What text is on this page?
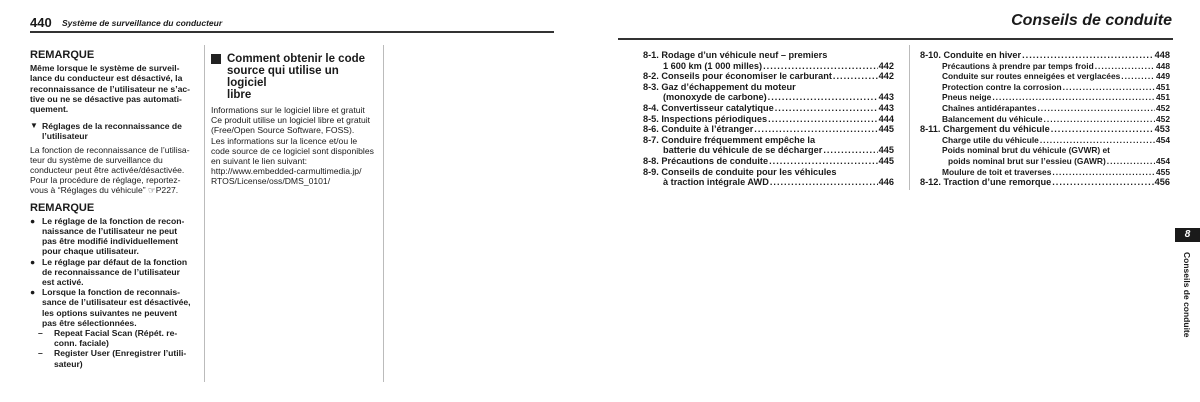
440 Système de surveillance du conducteur
REMARQUE

Même lorsque le système de surveil-

lance du conducteur est désactivé, la

reconnaissance de l’utilisateur ne s’ac-

tive ou ne se désactive pas automati-

quement.

▼ Réglages de la reconnaissance de

l’utilisateur

La fonction de reconnaissance de l’utilisa-

teur du système de surveillance du

conducteur peut être activée/désactivée.

Pour la procédure de réglage, reportez-

vous à “Réglages du véhicule” ☞P227.

REMARQUE
● Le réglage de la fonction de recon-

naissance de l’utilisateur ne peut

pas être modifié individuellement

pour chaque utilisateur.

● Le réglage par défaut de la fonction

de reconnaissance de l’utilisateur

est activé.

● Lorsque la fonction de reconnais-

sance de l’utilisateur est désactivée,

les options suivantes ne peuvent

pas être sélectionnées.

–	Repeat Facial Scan (Répét. re-

conn. faciale)

–	Register User (Enregistrer l’utili-

sateur)

Comment obtenir le code

source qui utilise un logiciel

libre

Informations sur le logiciel libre et gratuit

Ce produit utilise un logiciel libre et gratuit

(Free/Open Source Software, FOSS).

Les informations sur la licence et/ou le

code source de ce logiciel sont disponibles

en suivant le lien suivant:

http://www.embedded-carmultimedia.jp/

RTOS/License/oss/DMS_0101/

Conseils de conduite
8-1. Rodage d’un véhicule neuf – premiers
1 600 km (1 000 milles) .....	442
8-2. Conseils pour économiser le carburant .....	442
8-3. Gaz d’échappement du moteur
(monoxyde de carbone) .....	443
8-4. Convertisseur catalytique .....	443
8-5. Inspections périodiques .....	444
8-6. Conduite à l’étranger .....	445
8-7. Conduire fréquemment empêche la
batterie du véhicule de se décharger .....	445
8-8. Précautions de conduite .....	445
8-9. Conseils de conduite pour les véhicules
à traction intégrale AWD .....	446
8-10. Conduite en hiver .....	448
Précautions à prendre par temps froid .....	448
Conduite sur routes enneigées et verglacées .....	449
Protection contre la corrosion .....	451
Pneus neige .....	451
Chaînes antidérapantes .....	452
Balancement du véhicule .....	452
8-11. Chargement du véhicule .....	453
Charge utile du véhicule .....	454
Poids nominal brut du véhicule (GVWR) et
poids nominal brut sur l’essieu (GAWR) .....	454
Moulure de toit et traverses .....	455
8-12. Traction d’une remorque .....	456
8
Conseils de conduite
